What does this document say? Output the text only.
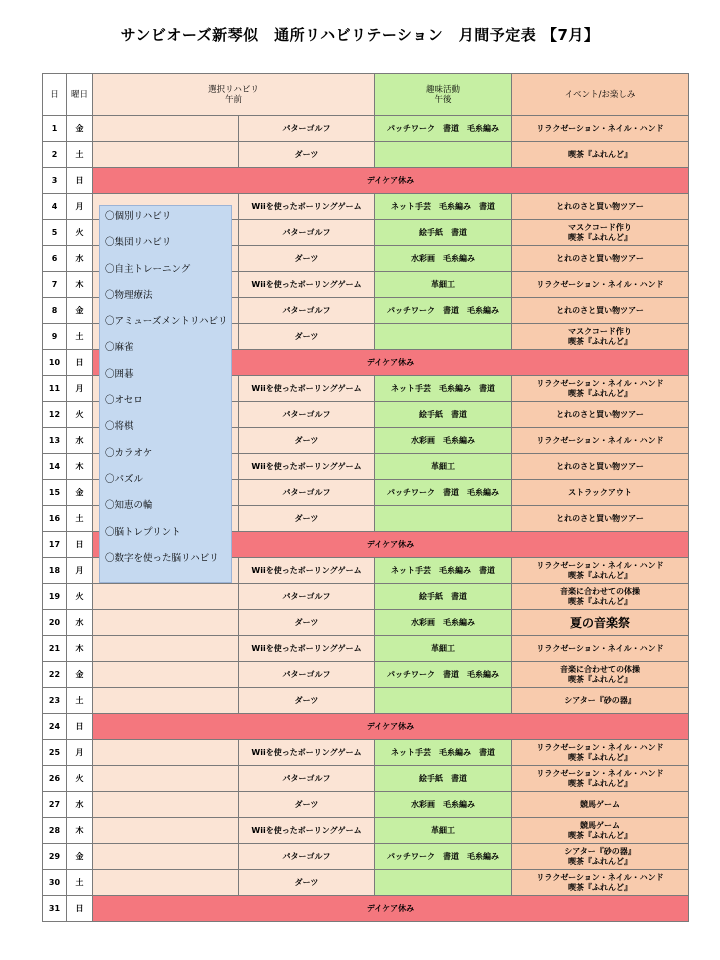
サンビオーズ新琴似　通所リハビリテーション　月間予定表 【7月】
日	曜日	選択リハビリ
午前		趣味活動
午後	イベント/お楽しみ
1	金		パターゴルフ	パッチワーク　書道　毛糸編み	リラクゼーション・ネイル・ハンド
2	土		ダーツ		喫茶『ふれんど』
3	日	デイケア休み			
4	月		Wiiを使ったボーリングゲーム	ネット手芸　毛糸編み　書道	とれのさと買い物ツアー
5	火		パターゴルフ	絵手紙　書道	マスクコード作り
喫茶『ふれんど』
6	水		ダーツ	水彩画　毛糸編み	とれのさと買い物ツアー
7	木		Wiiを使ったボーリングゲーム	革細工	リラクゼーション・ネイル・ハンド
8	金		パターゴルフ	パッチワーク　書道　毛糸編み	とれのさと買い物ツアー
9	土		ダーツ		マスクコード作り
喫茶『ふれんど』
10	日	デイケア休み			
11	月		Wiiを使ったボーリングゲーム	ネット手芸　毛糸編み　書道	リラクゼーション・ネイル・ハンド
喫茶『ふれんど』
12	火		パターゴルフ	絵手紙　書道	とれのさと買い物ツアー
13	水		ダーツ	水彩画　毛糸編み	リラクゼーション・ネイル・ハンド
14	木		Wiiを使ったボーリングゲーム	革細工	とれのさと買い物ツアー
15	金		パターゴルフ	パッチワーク　書道　毛糸編み	ストラックアウト
16	土		ダーツ		とれのさと買い物ツアー
17	日	デイケア休み			
18	月		Wiiを使ったボーリングゲーム	ネット手芸　毛糸編み　書道	リラクゼーション・ネイル・ハンド
喫茶『ふれんど』
19	火		パターゴルフ	絵手紙　書道	音楽に合わせての体操
喫茶『ふれんど』
20	水		ダーツ	水彩画　毛糸編み	夏の音楽祭
21	木		Wiiを使ったボーリングゲーム	革細工	リラクゼーション・ネイル・ハンド
22	金		パターゴルフ	パッチワーク　書道　毛糸編み	音楽に合わせての体操
喫茶『ふれんど』
23	土		ダーツ		シアター『砂の器』
24	日	デイケア休み			
25	月		Wiiを使ったボーリングゲーム	ネット手芸　毛糸編み　書道	リラクゼーション・ネイル・ハンド
喫茶『ふれんど』
26	火		パターゴルフ	絵手紙　書道	リラクゼーション・ネイル・ハンド
喫茶『ふれんど』
27	水		ダーツ	水彩画　毛糸編み	競馬ゲーム
28	木		Wiiを使ったボーリングゲーム	革細工	競馬ゲーム
喫茶『ふれんど』
29	金		パターゴルフ	パッチワーク　書道　毛糸編み	シアター『砂の器』
喫茶『ふれんど』
30	土		ダーツ		リラクゼーション・ネイル・ハンド
喫茶『ふれんど』
31	日	デイケア休み			
〇個別リハビリ
〇集団リハビリ
〇自主トレーニング
〇物理療法
〇アミューズメントリハビリ
〇麻雀
〇囲碁
〇オセロ
〇将棋
〇カラオケ
〇パズル
〇知恵の輪
〇脳トレプリント
〇数字を使った脳リハビリ
